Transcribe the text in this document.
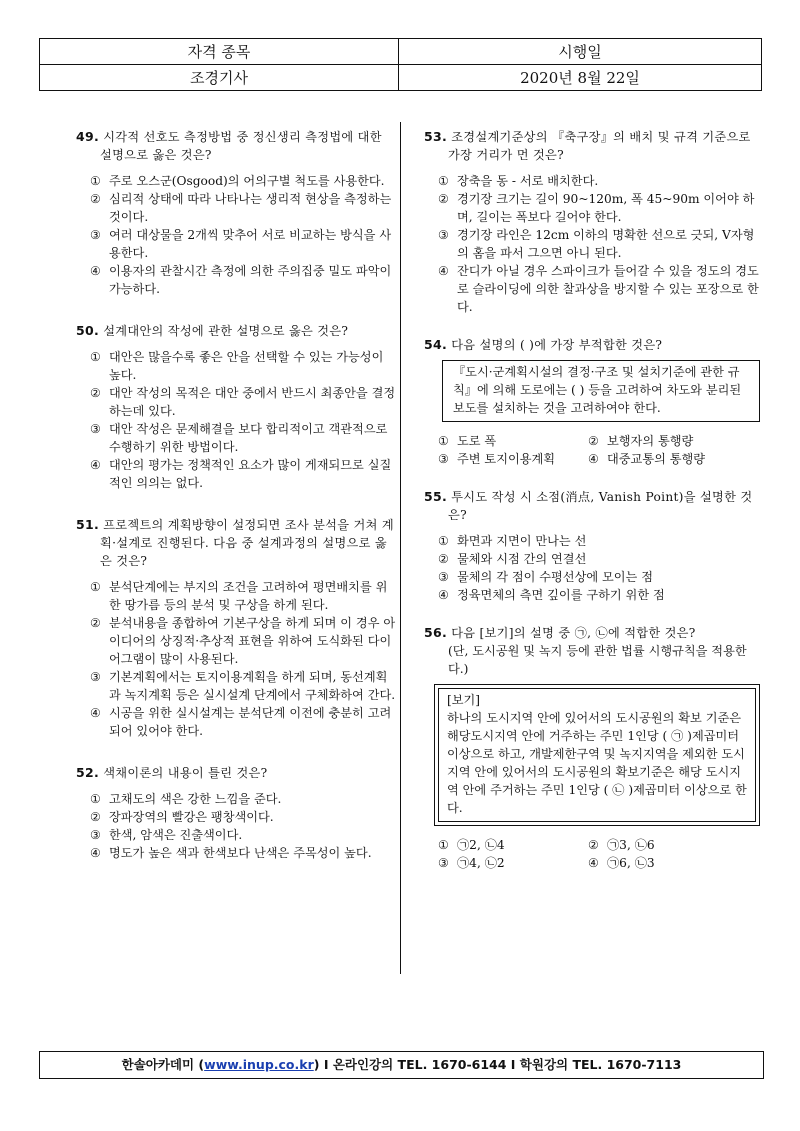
자격 종목	시행일
조경기사	2020년 8월 22일
49. 시각적 선호도 측정방법 중 정신생리 측정법에 대한 설명으로 옳은 것은?
① 주로 오스군(Osgood)의 어의구별 척도를 사용한다.
② 심리적 상태에 따라 나타나는 생리적 현상을 측정하는 것이다.
③ 여러 대상물을 2개씩 맞추어 서로 비교하는 방식을 사용한다.
④ 이용자의 관찰시간 측정에 의한 주의집중 밀도 파악이 가능하다.
50. 설계대안의 작성에 관한 설명으로 옳은 것은?
① 대안은 많을수록 좋은 안을 선택할 수 있는 가능성이 높다.
② 대안 작성의 목적은 대안 중에서 반드시 최종안을 결정하는데 있다.
③ 대안 작성은 문제해결을 보다 합리적이고 객관적으로 수행하기 위한 방법이다.
④ 대안의 평가는 정책적인 요소가 많이 게재되므로 실질적인 의의는 없다.
51. 프로젝트의 계획방향이 설정되면 조사 분석을 거쳐 계획·설계로 진행된다. 다음 중 설계과정의 설명으로 옳은 것은?
① 분석단계에는 부지의 조건을 고려하여 평면배치를 위한 땅가름 등의 분석 및 구상을 하게 된다.
② 분석내용을 종합하여 기본구상을 하게 되며 이 경우 아이디어의 상징적·추상적 표현을 위하여 도식화된 다이어그램이 많이 사용된다.
③ 기본계획에서는 토지이용계획을 하게 되며, 동선계획과 녹지계획 등은 실시설계 단계에서 구체화하여 간다.
④ 시공을 위한 실시설계는 분석단계 이전에 충분히 고려되어 있어야 한다.
52. 색채이론의 내용이 틀린 것은?
① 고채도의 색은 강한 느낌을 준다.
② 장파장역의 빨강은 팽창색이다.
③ 한색, 암색은 진출색이다.
④ 명도가 높은 색과 한색보다 난색은 주목성이 높다.
53. 조경설계기준상의 『축구장』의 배치 및 규격 기준으로 가장 거리가 먼 것은?
① 장축을 동 - 서로 배치한다.
② 경기장 크기는 길이 90~120m, 폭 45~90m 이어야 하며, 길이는 폭보다 길어야 한다.
③ 경기장 라인은 12cm 이하의 명확한 선으로 긋되, V자형의 홈을 파서 그으면 아니 된다.
④ 잔디가 아닐 경우 스파이크가 들어갈 수 있을 정도의 경도로 슬라이딩에 의한 찰과상을 방지할 수 있는 포장으로 한다.
54. 다음 설명의 ( )에 가장 부적합한 것은?
『도시·군계획시설의 결정·구조 및 설치기준에 관한 규칙』에 의해 도로에는 ( ) 등을 고려하여 차도와 분리된 보도를 설치하는 것을 고려하여야 한다.
① 도로 폭	② 보행자의 통행량
③ 주변 토지이용계획	④ 대중교통의 통행량
55. 투시도 작성 시 소점(消点, Vanish Point)을 설명한 것은?
① 화면과 지면이 만나는 선
② 물체와 시점 간의 연결선
③ 물체의 각 점이 수평선상에 모이는 점
④ 정육면체의 측면 깊이를 구하기 위한 점
56. 다음 [보기]의 설명 중 ㉠, ㉡에 적합한 것은?
(단, 도시공원 및 녹지 등에 관한 법률 시행규칙을 적용한다.)
[보기]
하나의 도시지역 안에 있어서의 도시공원의 확보 기준은 해당도시지역 안에 거주하는 주민 1인당 ( ㉠ )제곱미터 이상으로 하고, 개발제한구역 및 녹지지역을 제외한 도시지역 안에 있어서의 도시공원의 확보기준은 해당 도시지역 안에 주거하는 주민 1인당 ( ㉡ )제곱미터 이상으로 한다.
① ㉠2, ㉡4	② ㉠3, ㉡6
③ ㉠4, ㉡2	④ ㉠6, ㉡3
한솔아카데미 (www.inup.co.kr) I 온라인강의 TEL. 1670-6144 I 학원강의 TEL. 1670-7113
